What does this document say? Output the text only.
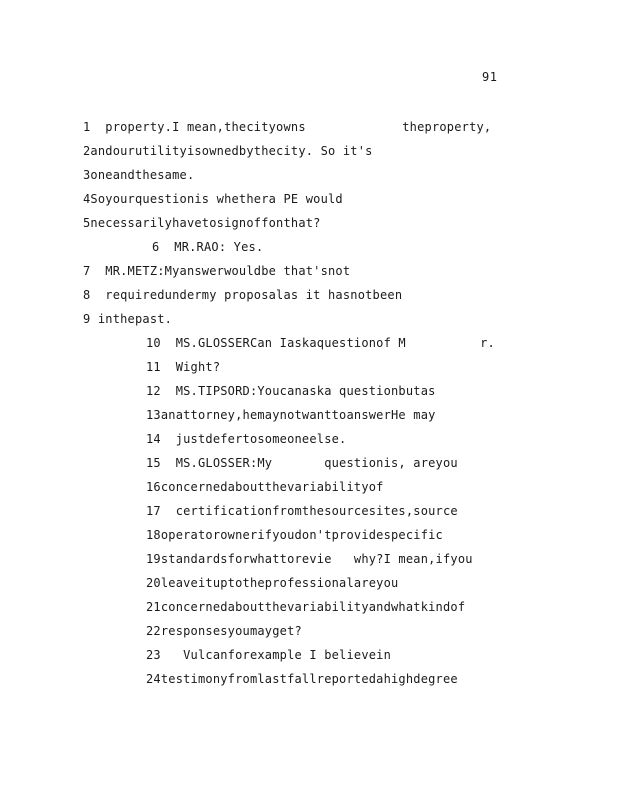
91
1  property.I mean,thecityowns             theproperty,
2andourutilityisownedbythecity. So it's
3oneandthesame.
4Soyourquestionis whethera PE would
5necessarilyhavetosignoffonthat?
6  MR.RAO: Yes.
7  MR.METZ:Myanswerwouldbe that'snot
8  requiredundermy proposalas it hasnotbeen
9 inthepast.
10  MS.GLOSSERCan Iaskaquestionof M          r.
11  Wight?
12  MS.TIPSORD:Youcanaska questionbutas
13anattorney,hemaynotwanttoanswerHe may
14  justdefertosomeoneelse.
15  MS.GLOSSER:My       questionis, areyou
16concernedaboutthevariabilityof
17  certificationfromthesourcesites,source
18operatorownerifyoudon'tprovidespecific
19standardsforwhattorevie   why?I mean,ifyou
20leaveituptotheprofessionalareyou
21concernedaboutthevariabilityandwhatkindof
22responsesyoumayget?
23   Vulcanforexample I believein
24testimonyfromlastfallreportedahighdegree
